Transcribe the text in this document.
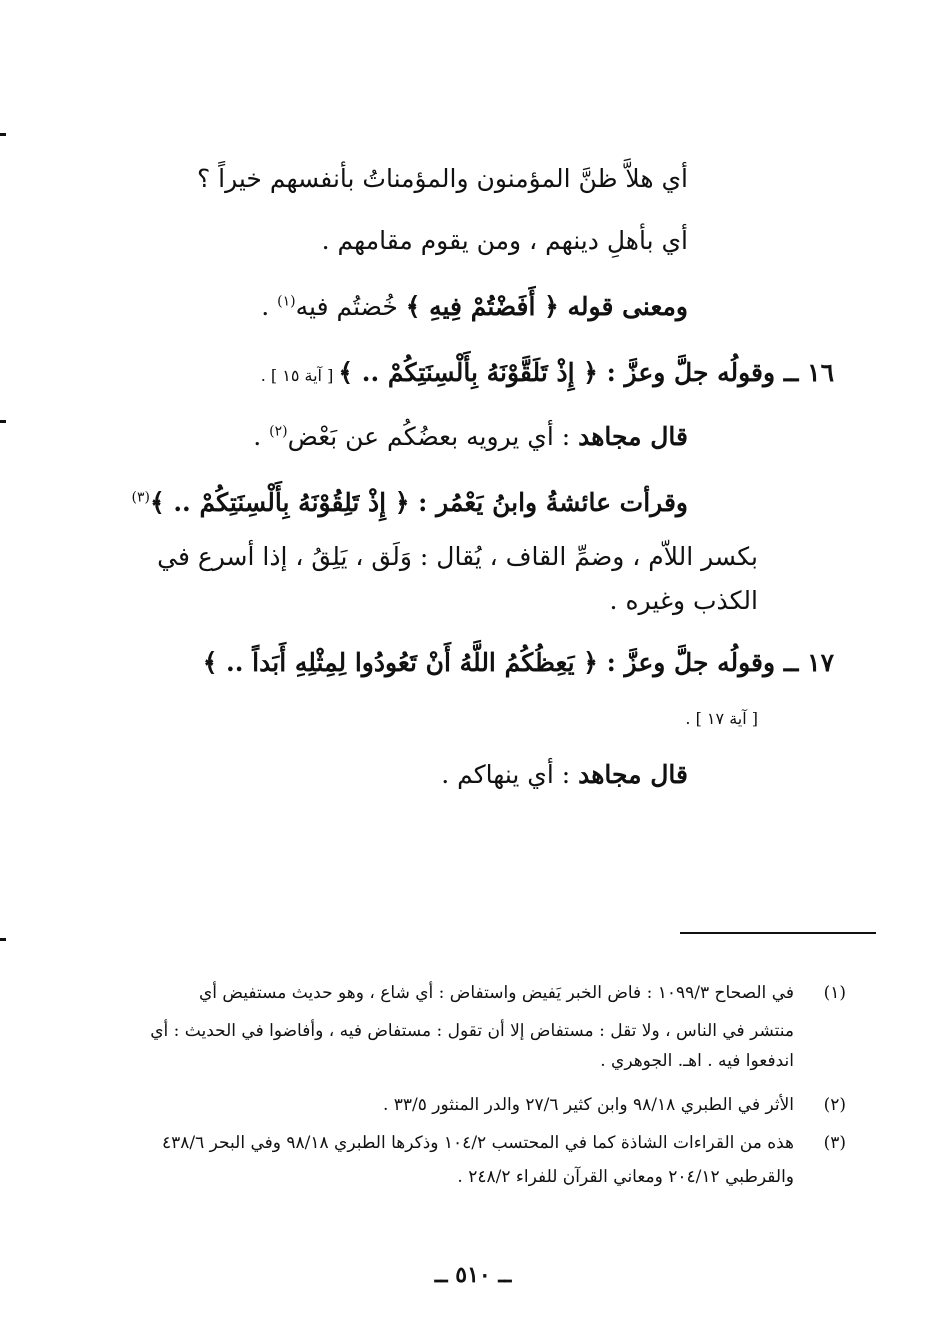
أي هلاَّ ظنَّ المؤمنون والمؤمناتُ بأنفسهم خيراً ؟
أي بأهلِ دينهم ، ومن يقوم مقامهم .
ومعنى قوله ﴿ أَفَضْتُمْ فِيهِ ﴾ خُضتُم فيه$^{(١)}$ .
١٦ ــ وقولُه جلَّ وعزَّ : ﴿ إِذْ تَلَقَّوْنَهُ بِأَلْسِنَتِكُمْ .. ﴾ [ آية ١٥ ] .
قال مجاهد : أي يرويه بعضُكُم عن بَعْض$^{(٢)}$ .
وقرأت عائشةُ وابنُ يَعْمُر : ﴿ إِذْ تَلِقُوْنَهُ بِأَلْسِنَتِكُمْ .. ﴾$^{(٣)}$
بكسر اللاّم ، وضمِّ القاف ، يُقال : وَلَق ، يَلِقُ ، إذا أسرع في
الكذب وغيره .
١٧ ــ وقولُه جلَّ وعزَّ : ﴿ يَعِظُكُمُ اللَّهُ أَنْ تَعُودُوا لِمِثْلِهِ أَبَداً .. ﴾
[ آية ١٧ ] .
قال مجاهد : أي ينهاكم .
(١)
في الصحاح ١٠٩٩/٣ : فاض الخبر يَفيض واستفاض : أي شاع ، وهو حديث مستفيض أي
منتشر في الناس ، ولا تقل : مستفاض إلا أن تقول : مستفاض فيه ، وأفاضوا في الحديث : أي
اندفعوا فيه . اهـ. الجوهري .
(٢)
الأثر في الطبري ٩٨/١٨ وابن كثير ٢٧/٦ والدر المنثور ٣٣/٥ .
(٣)
هذه من القراءات الشاذة كما في المحتسب ١٠٤/٢ وذكرها الطبري ٩٨/١٨ وفي البحر ٤٣٨/٦
والقرطبي ٢٠٤/١٢ ومعاني القرآن للفراء ٢٤٨/٢ .
ــ ٥١٠ ــ
